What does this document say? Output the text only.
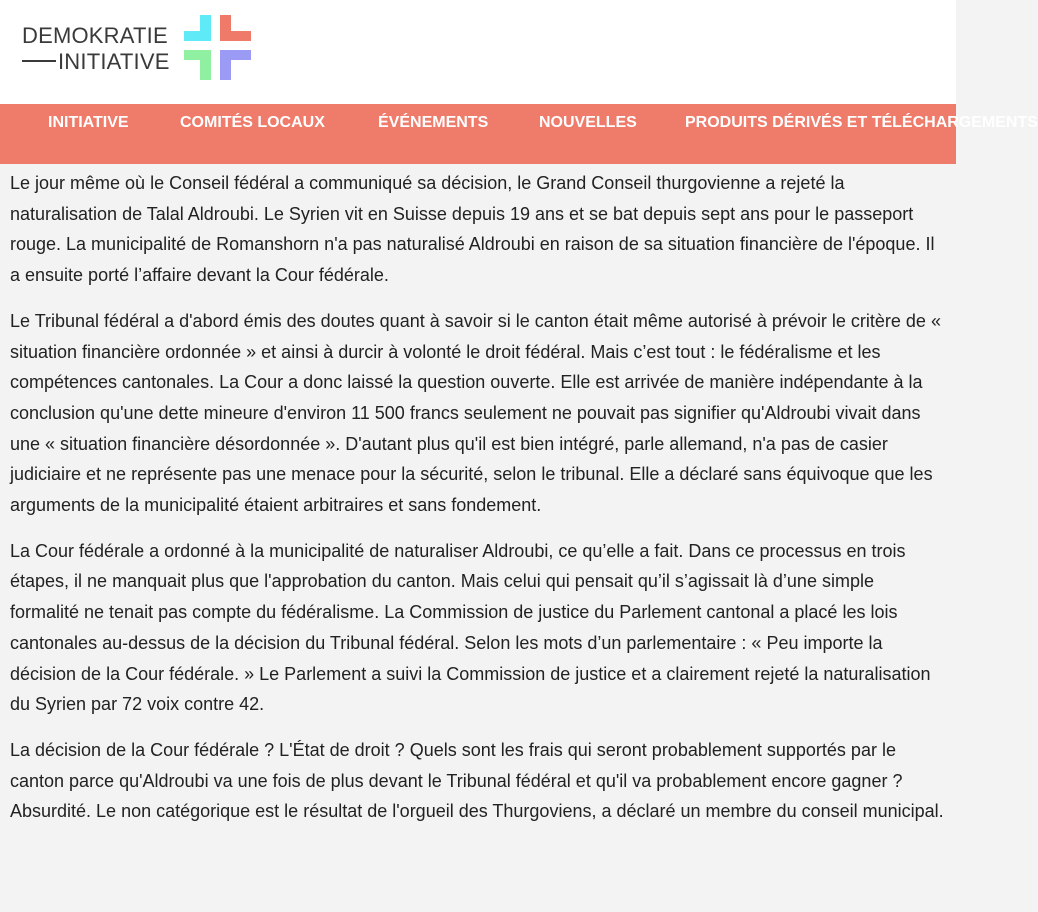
DEMOKRATIE
INITIATIVE
INITIATIVE	COMITÉS LOCAUX	ÉVÉNEMENTS	NOUVELLES	PRODUITS DÉRIVÉS ET TÉLÉCHARGEMENTS

Le jour même où le Conseil fédéral a communiqué sa décision, le Grand Conseil thurgovienne a rejeté la naturalisation de Talal Aldroubi. Le Syrien vit en Suisse depuis 19 ans et se bat depuis sept ans pour le passeport rouge. La municipalité de Romanshorn n'a pas naturalisé Aldroubi en raison de sa situation financière de l'époque. Il a ensuite porté l’affaire devant la Cour fédérale.

Le Tribunal fédéral a d'abord émis des doutes quant à savoir si le canton était même autorisé à prévoir le critère de « situation financière ordonnée » et ainsi à durcir à volonté le droit fédéral. Mais c’est tout : le fédéralisme et les compétences cantonales. La Cour a donc laissé la question ouverte. Elle est arrivée de manière indépendante à la conclusion qu'une dette mineure d'environ 11 500 francs seulement ne pouvait pas signifier qu'Aldroubi vivait dans une « situation financière désordonnée ». D'autant plus qu'il est bien intégré, parle allemand, n'a pas de casier judiciaire et ne représente pas une menace pour la sécurité, selon le tribunal. Elle a déclaré sans équivoque que les arguments de la municipalité étaient arbitraires et sans fondement.

La Cour fédérale a ordonné à la municipalité de naturaliser Aldroubi, ce qu’elle a fait. Dans ce processus en trois étapes, il ne manquait plus que l'approbation du canton. Mais celui qui pensait qu’il s’agissait là d’une simple formalité ne tenait pas compte du fédéralisme. La Commission de justice du Parlement cantonal a placé les lois cantonales au-dessus de la décision du Tribunal fédéral. Selon les mots d’un parlementaire : « Peu importe la décision de la Cour fédérale. » Le Parlement a suivi la Commission de justice et a clairement rejeté la naturalisation du Syrien par 72 voix contre 42.

La décision de la Cour fédérale ? L'État de droit ? Quels sont les frais qui seront probablement supportés par le canton parce qu'Aldroubi va une fois de plus devant le Tribunal fédéral et qu'il va probablement encore gagner ? Absurdité. Le non catégorique est le résultat de l'orgueil des Thurgoviens, a déclaré un membre du conseil municipal.
